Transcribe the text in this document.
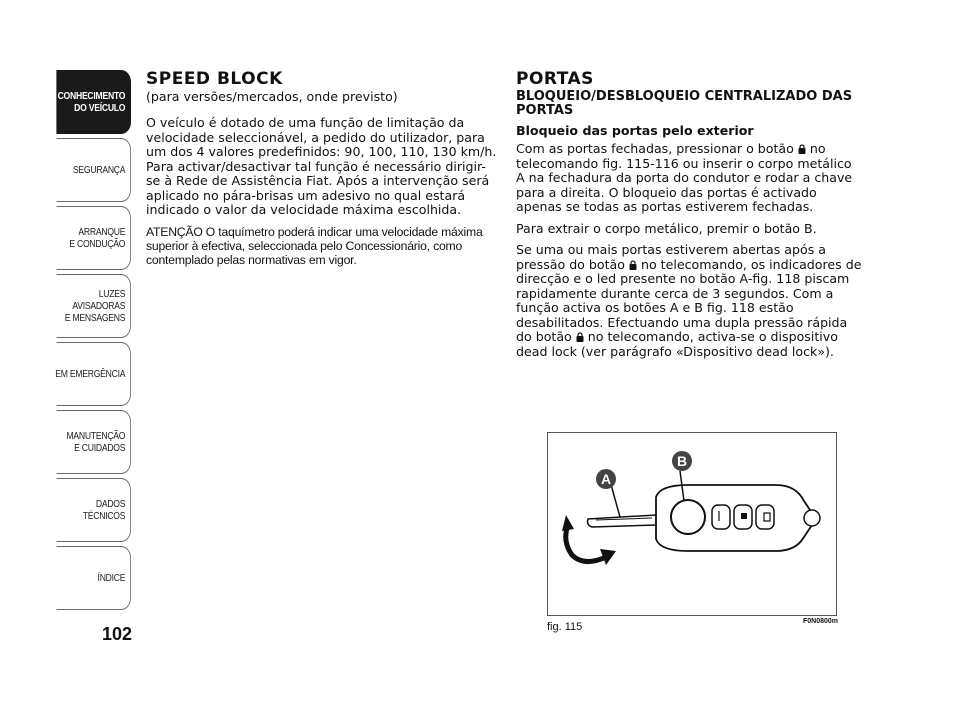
CONHECIMENTO
DO VEÍCULO
SEGURANÇA
ARRANQUE
E CONDUÇÃO
LUZES
AVISADORAS
E MENSAGENS
EM EMERGÊNCIA
MANUTENÇÃO
E CUIDADOS
DADOS
TÉCNICOS
ÍNDICE
102
SPEED BLOCK

(para versões/mercados, onde previsto)

O veículo é dotado de uma função de limitação da velocidade seleccionável, a pedido do utilizador, para um dos 4 valores predefinidos: 90, 100, 110, 130 km/h. Para activar/desactivar tal função é necessário dirigir-se à Rede de Assistência Fiat. Após a intervenção será aplicado no pára-brisas um adesivo no qual estará indicado o valor da velocidade máxima escolhida.

ATENÇÃO O taquímetro poderá indicar uma velocidade máxima superior à efectiva, seleccionada pelo Concessionário, como contemplado pelas normativas em vigor.

PORTAS
BLOQUEIO/DESBLOQUEIO CENTRALIZADO DAS PORTAS
Bloqueio das portas pelo exterior

Com as portas fechadas, pressionar o botão no telecomando fig. 115-116 ou inserir o corpo metálico A na fechadura da porta do condutor e rodar a chave para a direita. O bloqueio das portas é activado apenas se todas as portas estiverem fechadas.

Para extrair o corpo metálico, premir o botão B.

Se uma ou mais portas estiverem abertas após a pressão do botão no telecomando, os indicadores de direcção e o led presente no botão A-fig. 118 piscam rapidamente durante cerca de 3 segundos. Com a função activa os botões A e B fig. 118 estão desabilitados. Efectuando uma dupla pressão rápida do botão no telecomando, activa-se o dispositivo dead lock (ver parágrafo «Dispositivo dead lock»).

B
A
fig. 115	F0N0800m
